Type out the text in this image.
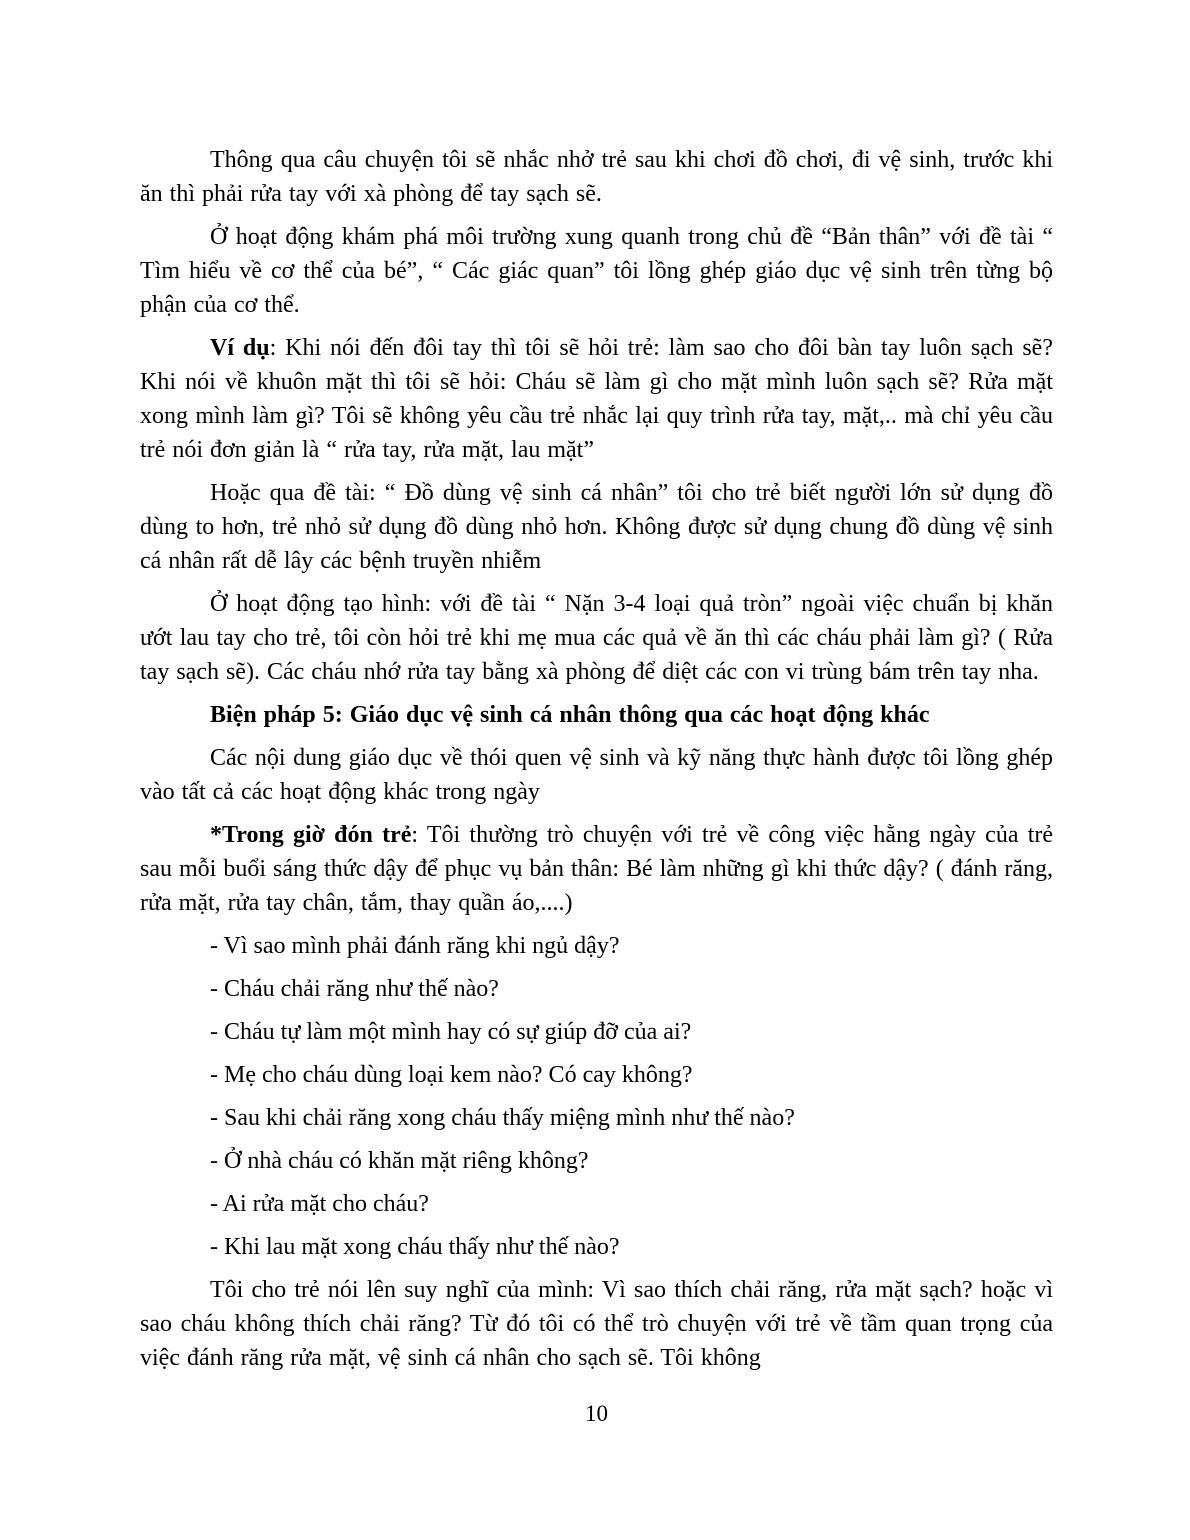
Thông qua câu chuyện tôi sẽ nhắc nhở trẻ sau khi chơi đồ chơi, đi vệ sinh, trước khi ăn thì phải rửa tay với xà phòng để tay sạch sẽ.

Ở hoạt động khám phá môi trường xung quanh trong chủ đề “Bản thân” với đề tài “ Tìm hiểu về cơ thể của bé”, “ Các giác quan” tôi lồng ghép giáo dục vệ sinh trên từng bộ phận của cơ thể.

Ví dụ: Khi nói đến đôi tay thì tôi sẽ hỏi trẻ: làm sao cho đôi bàn tay luôn sạch sẽ? Khi nói về khuôn mặt thì tôi sẽ hỏi: Cháu sẽ làm gì cho mặt mình luôn sạch sẽ? Rửa mặt xong mình làm gì? Tôi sẽ không yêu cầu trẻ nhắc lại quy trình rửa tay, mặt,.. mà chỉ yêu cầu trẻ nói đơn giản là “ rửa tay, rửa mặt, lau mặt”

Hoặc qua đề tài: “ Đồ dùng vệ sinh cá nhân” tôi cho trẻ biết người lớn sử dụng đồ dùng to hơn, trẻ nhỏ sử dụng đồ dùng nhỏ hơn. Không được sử dụng chung đồ dùng vệ sinh cá nhân rất dễ lây các bệnh truyền nhiễm

Ở hoạt động tạo hình: với đề tài “ Nặn 3-4 loại quả tròn” ngoài việc chuẩn bị khăn ướt lau tay cho trẻ, tôi còn hỏi trẻ khi mẹ mua các quả về ăn thì các cháu phải làm gì? ( Rửa tay sạch sẽ). Các cháu nhớ rửa tay bằng xà phòng để diệt các con vi trùng bám trên tay nha.

Biện pháp 5: Giáo dục vệ sinh cá nhân thông qua các hoạt động khác

Các nội dung giáo dục về thói quen vệ sinh và kỹ năng thực hành được tôi lồng ghép vào tất cả các hoạt động khác trong ngày

*Trong giờ đón trẻ: Tôi thường trò chuyện với trẻ về công việc hằng ngày của trẻ sau mỗi buổi sáng thức dậy để phục vụ bản thân: Bé làm những gì khi thức dậy? ( đánh răng, rửa mặt, rửa tay chân, tắm, thay quần áo,....)

- Vì sao mình phải đánh răng khi ngủ dậy?

- Cháu chải răng như thế nào?

- Cháu tự làm một mình hay có sự giúp đỡ của ai?

- Mẹ cho cháu dùng loại kem nào? Có cay không?

- Sau khi chải răng xong cháu thấy miệng mình như thế nào?

- Ở nhà cháu có khăn mặt riêng không?

- Ai rửa mặt cho cháu?

- Khi lau mặt xong cháu thấy như thế nào?

Tôi cho trẻ nói lên suy nghĩ của mình: Vì sao thích chải răng, rửa mặt sạch? hoặc vì sao cháu không thích chải răng? Từ đó tôi có thể trò chuyện với trẻ về tầm quan trọng của việc đánh răng rửa mặt, vệ sinh cá nhân cho sạch sẽ. Tôi không

10
